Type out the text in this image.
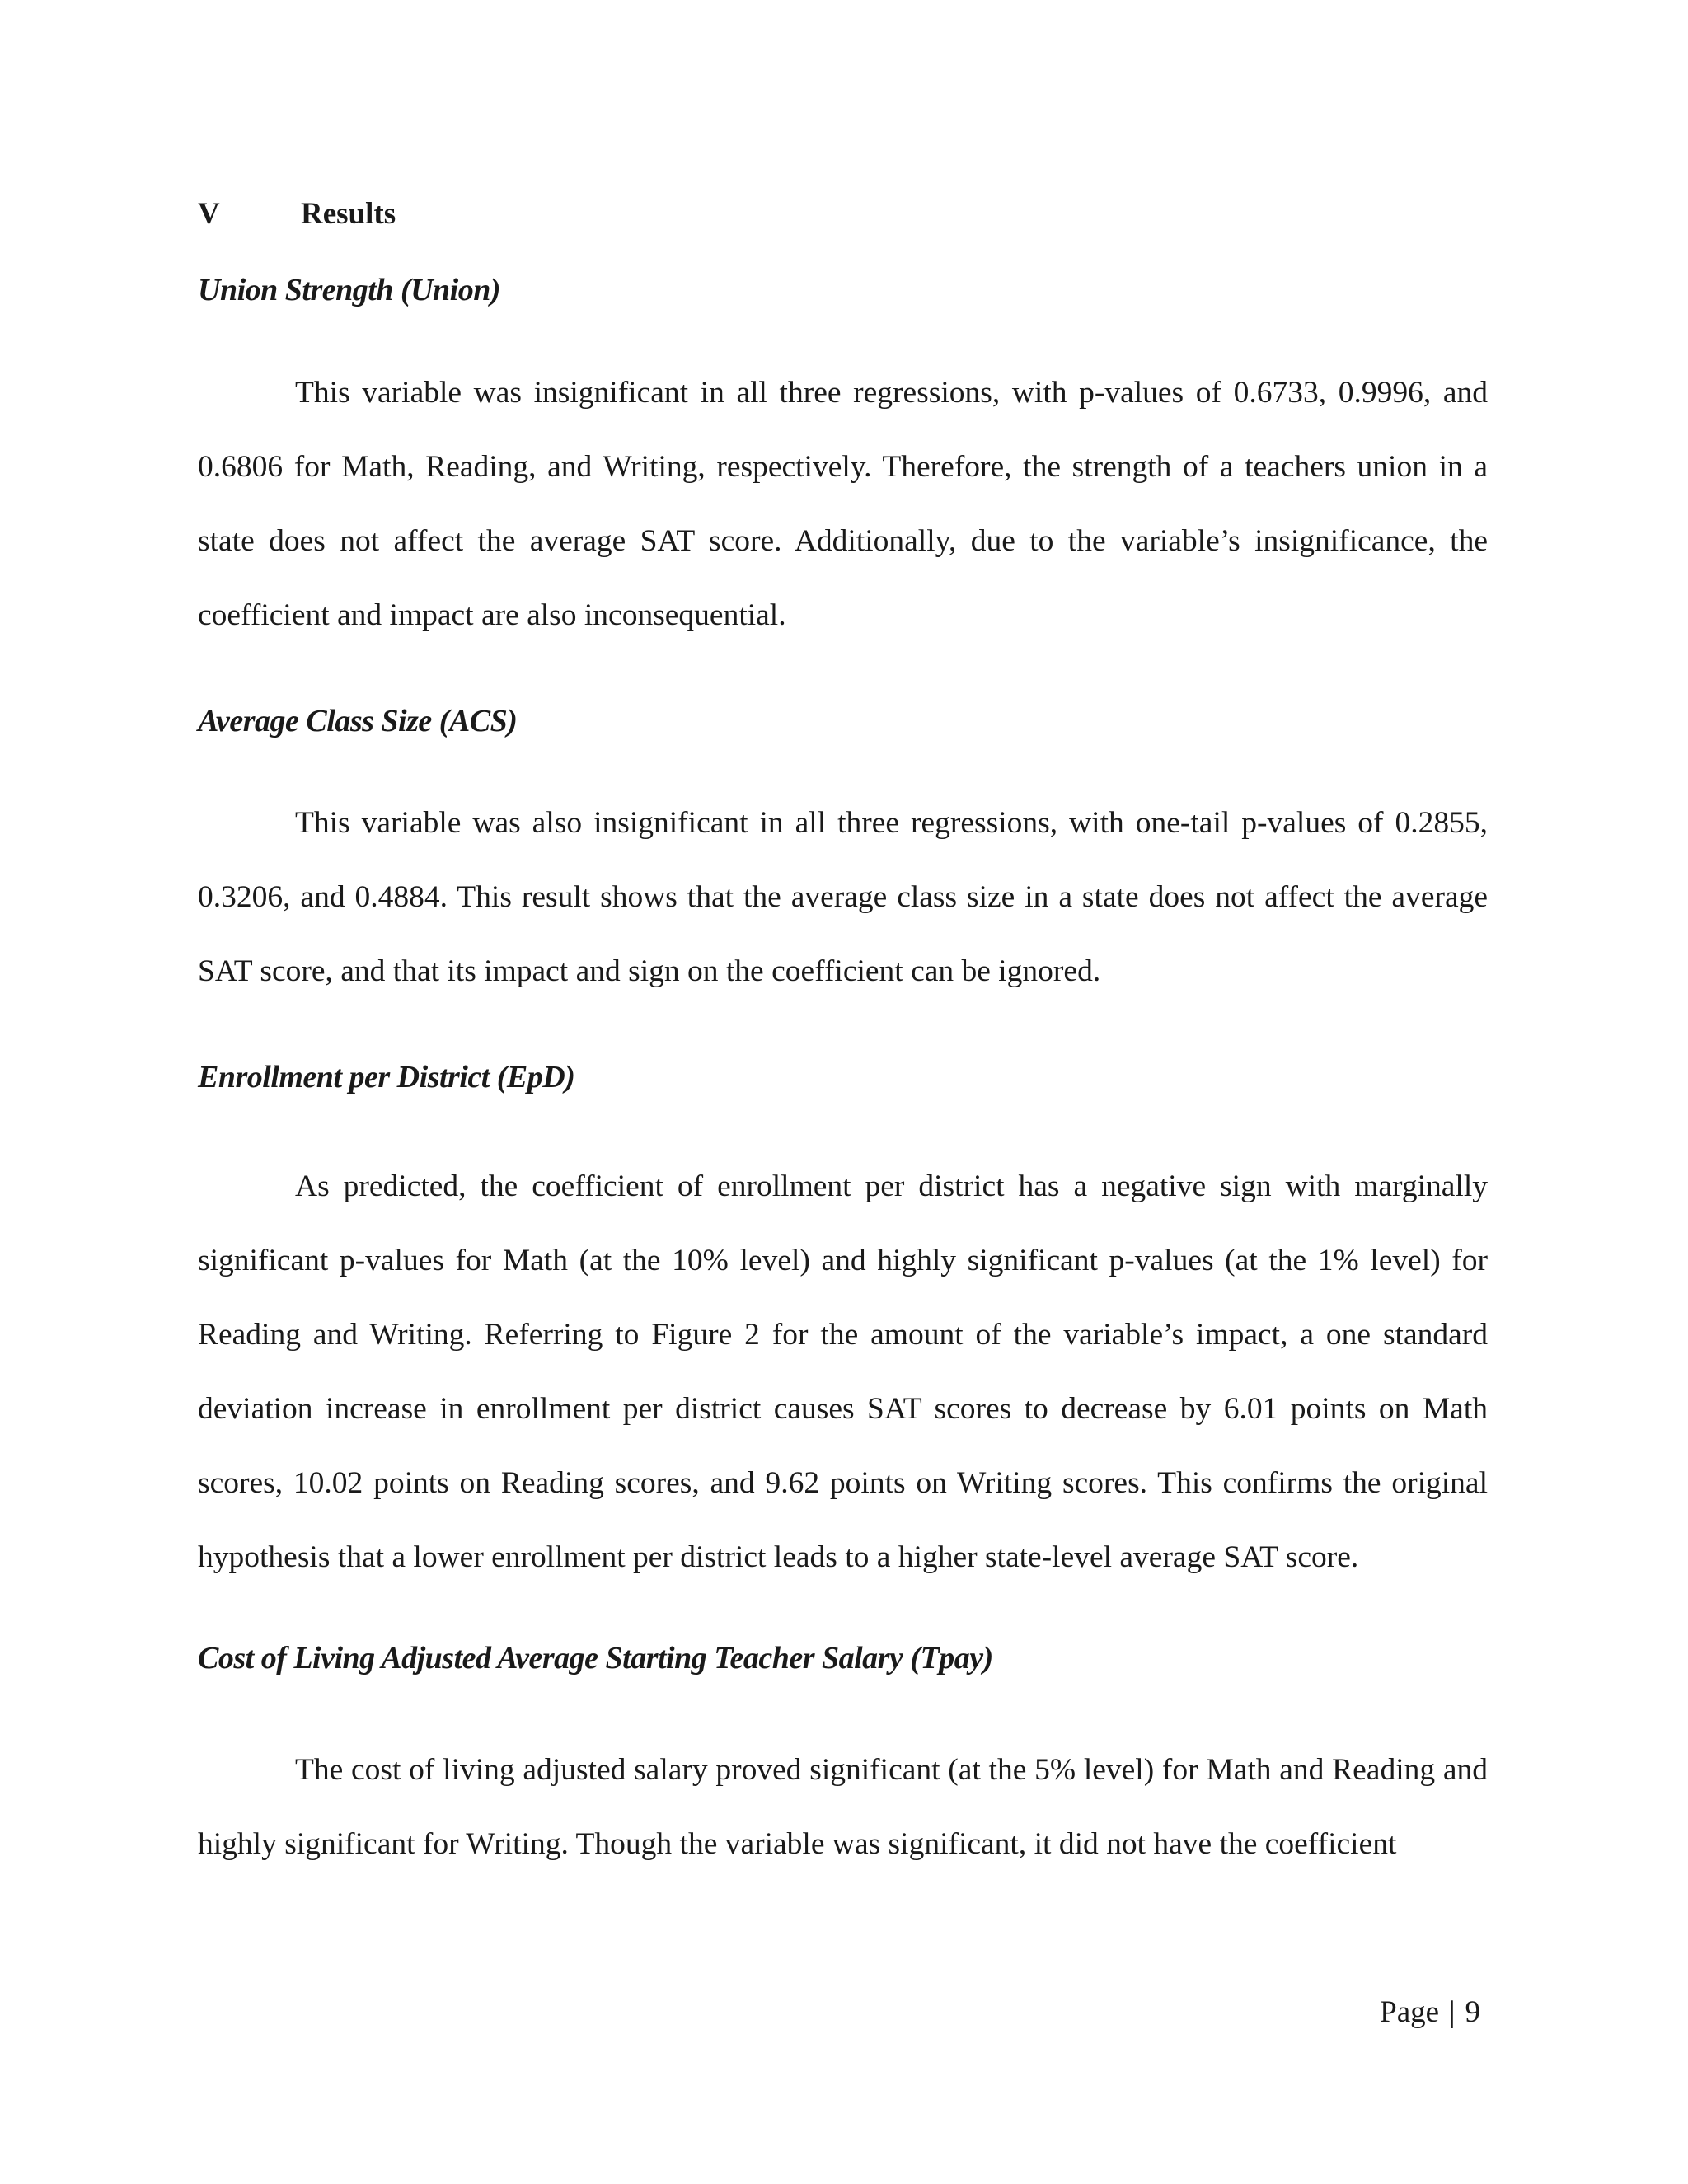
V	Results
Union Strength (Union)

This variable was insignificant in all three regressions, with p-values of 0.6733, 0.9996, and 0.6806 for Math, Reading, and Writing, respectively. Therefore, the strength of a teachers union in a state does not affect the average SAT score. Additionally, due to the variable’s insignificance, the coefficient and impact are also inconsequential.

Average Class Size (ACS)

This variable was also insignificant in all three regressions, with one-tail p-values of 0.2855, 0.3206, and 0.4884. This result shows that the average class size in a state does not affect the average SAT score, and that its impact and sign on the coefficient can be ignored.

Enrollment per District (EpD)

As predicted, the coefficient of enrollment per district has a negative sign with marginally significant p-values for Math (at the 10% level) and highly significant p-values (at the 1% level) for Reading and Writing. Referring to Figure 2 for the amount of the variable’s impact, a one standard deviation increase in enrollment per district causes SAT scores to decrease by 6.01 points on Math scores, 10.02 points on Reading scores, and 9.62 points on Writing scores. This confirms the original hypothesis that a lower enrollment per district leads to a higher state-level average SAT score.

Cost of Living Adjusted Average Starting Teacher Salary (Tpay)

The cost of living adjusted salary proved significant (at the 5% level) for Math and Reading and highly significant for Writing. Though the variable was significant, it did not have the coefficient

Page | 9
